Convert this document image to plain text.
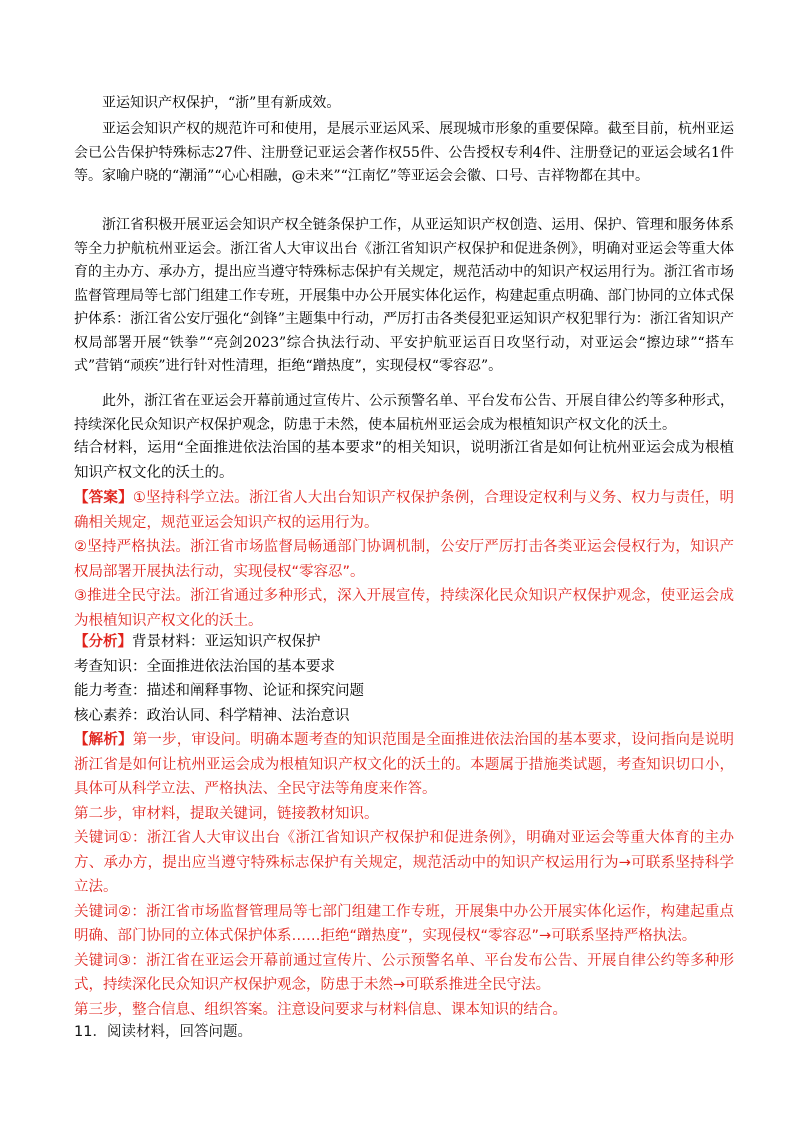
亚运知识产权保护，“浙”里有新成效。

亚运会知识产权的规范许可和使用，是展示亚运风采、展现城市形象的重要保障。截至目前，杭州亚运会已公告保护特殊标志27件、注册登记亚运会著作权55件、公告授权专利4件、注册登记的亚运会域名1件等。家喻户晓的“潮涌”“心心相融，@未来”“江南忆”等亚运会会徽、口号、吉祥物都在其中。

浙江省积极开展亚运会知识产权全链条保护工作，从亚运知识产权创造、运用、保护、管理和服务体系等全力护航杭州亚运会。浙江省人大审议出台《浙江省知识产权保护和促进条例》，明确对亚运会等重大体育的主办方、承办方，提出应当遵守特殊标志保护有关规定，规范活动中的知识产权运用行为。浙江省市场监督管理局等七部门组建工作专班，开展集中办公开展实体化运作，构建起重点明确、部门协同的立体式保护体系：浙江省公安厅强化“剑锋”主题集中行动，严厉打击各类侵犯亚运知识产权犯罪行为：浙江省知识产权局部署开展“铁拳”“亮剑2023”综合执法行动、平安护航亚运百日攻坚行动，对亚运会“擦边球”“搭车式”营销“顽疾”进行针对性清理，拒绝“蹭热度”，实现侵权“零容忍”。

此外，浙江省在亚运会开幕前通过宣传片、公示预警名单、平台发布公告、开展自律公约等多种形式，持续深化民众知识产权保护观念，防患于未然，使本届杭州亚运会成为根植知识产权文化的沃土。

结合材料，运用“全面推进依法治国的基本要求”的相关知识，说明浙江省是如何让杭州亚运会成为根植知识产权文化的沃土的。

【答案】①坚持科学立法。浙江省人大出台知识产权保护条例，合理设定权利与义务、权力与责任，明确相关规定，规范亚运会知识产权的运用行为。
②坚持严格执法。浙江省市场监督局畅通部门协调机制，公安厅严厉打击各类亚运会侵权行为，知识产权局部署开展执法行动，实现侵权“零容忍”。
③推进全民守法。浙江省通过多种形式，深入开展宣传，持续深化民众知识产权保护观念，使亚运会成为根植知识产权文化的沃土。
【分析】背景材料：亚运知识产权保护
考查知识：全面推进依法治国的基本要求
能力考查：描述和阐释事物、论证和探究问题
核心素养：政治认同、科学精神、法治意识
【解析】第一步，审设问。明确本题考查的知识范围是全面推进依法治国的基本要求，设问指向是说明浙江省是如何让杭州亚运会成为根植知识产权文化的沃土的。本题属于措施类试题，考查知识切口小，具体可从科学立法、严格执法、全民守法等角度来作答。
第二步，审材料，提取关键词，链接教材知识。
关键词①：浙江省人大审议出台《浙江省知识产权保护和促进条例》，明确对亚运会等重大体育的主办方、承办方，提出应当遵守特殊标志保护有关规定，规范活动中的知识产权运用行为→可联系坚持科学立法。
关键词②：浙江省市场监督管理局等七部门组建工作专班，开展集中办公开展实体化运作，构建起重点明确、部门协同的立体式保护体系……拒绝“蹭热度”，实现侵权“零容忍”→可联系坚持严格执法。
关键词③：浙江省在亚运会开幕前通过宣传片、公示预警名单、平台发布公告、开展自律公约等多种形式，持续深化民众知识产权保护观念，防患于未然→可联系推进全民守法。
第三步，整合信息、组织答案。注意设问要求与材料信息、课本知识的结合。

11．阅读材料，回答问题。
